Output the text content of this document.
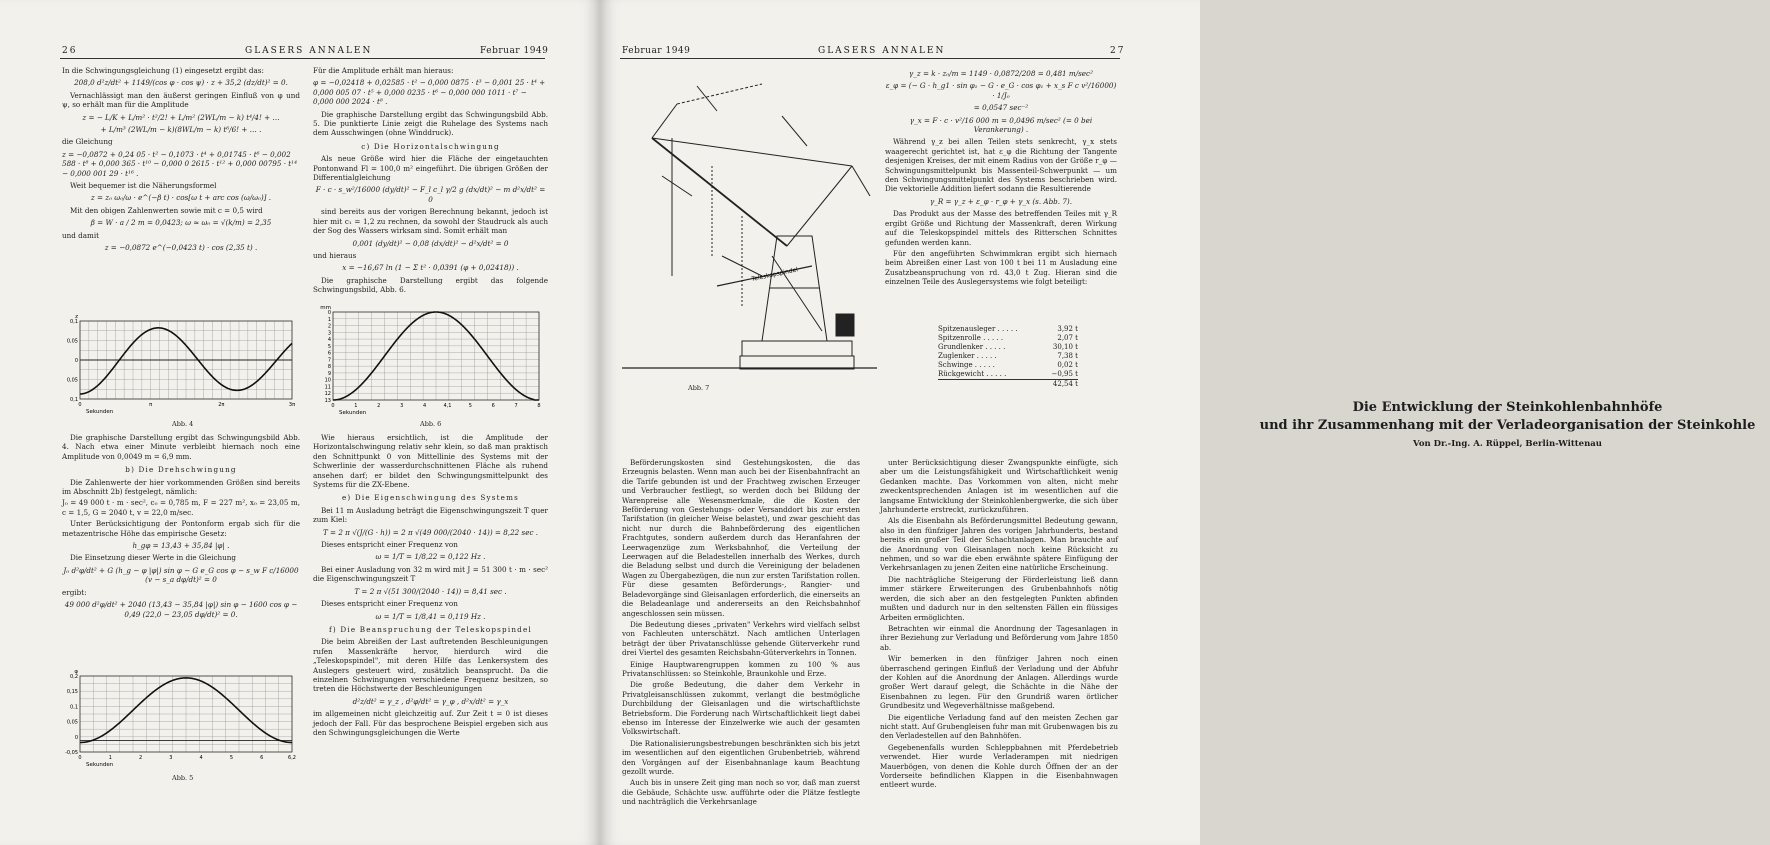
26	GLASERS ANNALEN	Februar 1949

In die Schwingungsgleichung (1) eingesetzt ergibt das:

208,0 d²z/dt² + 1149/(cos φ · cos ψ) · z + 35,2 (dz/dt)² = 0.

Vernachlässigt man den äußerst geringen Einfluß von φ und ψ, so erhält man für die Amplitude

z = − L/K + L/m² · t²/2! + L/m² (2WL/m − k) t⁴/4! + …

+ L/m³ (2WL/m − k)(8WL/m − k) t⁶/6! + … .

die Gleichung

z = −0,0872 + 0,24 05 · t² − 0,1073 · t⁴ + 0,01745 · t⁶ − 0,002 588 · t⁸ + 0,000 365 · t¹⁰ − 0,000 0 2615 · t¹² + 0,000 00795 · t¹⁴ − 0,000 001 29 · t¹⁶ .

Weit bequemer ist die Näherungsformel

z = z₀ ω₀/ω · e^(−β t) · cos[ω t + arc cos (ω/ω₀)] .

Mit den obigen Zahlenwerten sowie mit c = 0,5 wird

β = W · a / 2 m = 0,0423; ω ≈ ω₀ = √(k/m) = 2,35

und damit

z = −0,0872 e^(−0,0423 t) · cos (2,35 t) .

0,1
0,05
0
0,05
0,1
0	π	2π	3π
Sekunden
z
Abb. 4

Die graphische Darstellung ergibt das Schwingungsbild Abb. 4. Nach etwa einer Minute verbleibt hiernach noch eine Amplitude von 0,0049 m = 6,9 mm.

b) Die Drehschwingung

Die Zahlenwerte der hier vorkommenden Größen sind bereits im Abschnitt 2b) festgelegt, nämlich:

J₀ = 49 000 t · m · sec², c₀ = 0,785 m, F = 227 m², x₀ = 23,05 m, c = 1,5, G = 2040 t, v = 22,0 m/sec.

Unter Berücksichtigung der Pontonform ergab sich für die metazentrische Höhe das empirische Gesetz:

h_gφ = 13,43 + 35,84 |φ| .

Die Einsetzung dieser Werte in die Gleichung

J₀ d²φ/dt² + G (h_g − φ |φ|) sin φ − G e_G cos φ − s_w F c/16000 (v − s_a dφ/dt)² = 0

ergibt:

49 000 d²φ/dt² + 2040 (13,43 − 35,84 |φ|) sin φ − 1600 cos φ − 0,49 (22,0 − 23,05 dφ/dt)² = 0.

0,2
0,15
0,1
0,05
0
-0,05
0	1	2	3	4	5	6	6,2
Sekunden
φ
Abb. 5

Für die Amplitude erhält man hieraus:

φ = −0,02418 + 0,02585 · t² − 0,000 0875 · t³ − 0,001 25 · t⁴ + 0,000 005 07 · t⁵ + 0,000 0235 · t⁶ − 0,000 000 1011 · t⁷ − 0,000 000 2024 · t⁸ .

Die graphische Darstellung ergibt das Schwingungsbild Abb. 5. Die punktierte Linie zeigt die Ruhelage des Systems nach dem Ausschwingen (ohne Winddruck).

c) Die Horizontalschwingung

Als neue Größe wird hier die Fläche der eingetauchten Pontonwand Fl = 100,0 m² eingeführt. Die übrigen Größen der Differentialgleichung

F · c · s_w²/16000 (dy/dt)² − F_l c_l γ/2 g (dx/dt)² − m d²x/dt² = 0

sind bereits aus der vorigen Berechnung bekannt, jedoch ist hier mit c₁ = 1,2 zu rechnen, da sowohl der Staudruck als auch der Sog des Wassers wirksam sind. Somit erhält man

0,001 (dy/dt)² − 0,08 (dx/dt)² − d²x/dt² = 0

und hieraus

x = −16,67 ln (1 − Σ t² · 0,0391 (φ + 0,02418)) .

Die graphische Darstellung ergibt das folgende Schwingungsbild, Abb. 6.

0
1
2
3
4
5
6
7
8
9
10
11
12
13
0	1	2	3	4	4,1	5	6	7	8
Sekunden
mm
Abb. 6

Wie hieraus ersichtlich, ist die Amplitude der Horizontalschwingung relativ sehr klein, so daß man praktisch den Schnittpunkt 0 von Mittellinie des Systems mit der Schwerlinie der wasserdurchschnittenen Fläche als ruhend ansehen darf; er bildet den Schwingungsmittelpunkt des Systems für die ZX-Ebene.

e) Die Eigenschwingung des Systems

Bei 11 m Ausladung beträgt die Eigenschwingungszeit T quer zum Kiel:

T = 2 π √(J/(G · h)) = 2 π √(49 000/(2040 · 14)) = 8,22 sec .

Dieses entspricht einer Frequenz von

ω = 1/T = 1/8,22 = 0,122 Hz .

Bei einer Ausladung von 32 m wird mit J = 51 300 t · m · sec² die Eigenschwingungszeit T

T = 2 π √(51 300/(2040 · 14)) = 8,41 sec .

Dieses entspricht einer Frequenz von

ω = 1/T = 1/8,41 = 0,119 Hz .

f) Die Beanspruchung der Teleskopspindel

Die beim Abreißen der Last auftretenden Beschleunigungen rufen Massenkräfte hervor, hierdurch wird die „Teleskopspindel", mit deren Hilfe das Lenkersystem des Auslegers gesteuert wird, zusätzlich beansprucht. Da die einzelnen Schwingungen verschiedene Frequenz besitzen, so treten die Höchstwerte der Beschleunigungen

d²z/dt² = γ_z , d²φ/dt² = γ_φ , d²x/dt² = γ_x

im allgemeinen nicht gleichzeitig auf. Zur Zeit t = 0 ist dieses jedoch der Fall. Für das besprochene Beispiel ergeben sich aus den Schwingungsgleichungen die Werte

Februar 1949	GLASERS ANNALEN	27
Teleskopspindel
Abb. 7

γ_z = k · z₀/m = 1149 · 0,0872/208 = 0,481 m/sec²

ε_φ = (− G · h_g1 · sin φ₁ − G · e_G · cos φ₁ + x_s F c v²/16000) · 1/J₀

= 0,0547 sec⁻²

γ_x = F · c · v²/16 000 m = 0,0496 m/sec² (= 0 bei Verankerung) .

Während γ_z bei allen Teilen stets senkrecht, γ_x stets waagerecht gerichtet ist, hat ε_φ die Richtung der Tangente desjenigen Kreises, der mit einem Radius von der Größe r_φ — Schwingungsmittelpunkt bis Massenteil-Schwerpunkt — um den Schwingungsmittelpunkt des Systems beschrieben wird. Die vektorielle Addition liefert sodann die Resultierende

γ_R = γ_z + ε_φ · r_φ + γ_x (s. Abb. 7).

Das Produkt aus der Masse des betreffenden Teiles mit γ_R ergibt Größe und Richtung der Massenkraft, deren Wirkung auf die Teleskopspindel mittels des Ritterschen Schnittes gefunden werden kann.

Für den angeführten Schwimmkran ergibt sich hiernach beim Abreißen einer Last von 100 t bei 11 m Ausladung eine Zusatzbeanspruchung von rd. 43,0 t Zug. Hieran sind die einzelnen Teile des Auslegersystems wie folgt beteiligt:

Spitzenausleger . . . . .	3,92 t
Spitzenrolle . . . . .	2,07 t
Grundlenker . . . . .	30,10 t
Zuglenker . . . . .	7,38 t
Schwinge . . . . .	0,02 t
Rückgewicht . . . . .	−0,95 t
42,54 t
Die Entwicklung der Steinkohlenbahnhöfe
und ihr Zusammenhang mit der Verladeorganisation der Steinkohle
Von Dr.-Ing. A. Rüppel, Berlin-Wittenau

Beförderungskosten sind Gestehungskosten, die das Erzeugnis belasten. Wenn man auch bei der Eisenbahnfracht an die Tarife gebunden ist und der Frachtweg zwischen Erzeuger und Verbraucher festliegt, so werden doch bei Bildung der Warenpreise alle Wesensmerkmale, die die Kosten der Beförderung von Gestehungs- oder Versanddort bis zur ersten Tarifstation (in gleicher Weise belastet), und zwar geschieht das nicht nur durch die Bahnbeförderung des eigentlichen Frachtgutes, sondern außerdem durch das Heranfahren der Leerwagenzüge zum Werksbahnhof, die Verteilung der Leerwagen auf die Beladestellen innerhalb des Werkes, durch die Beladung selbst und durch die Vereinigung der beladenen Wagen zu Übergabezügen, die nun zur ersten Tarifstation rollen. Für diese gesamten Beförderungs-, Rangier- und Beladevorgänge sind Gleisanlagen erforderlich, die einerseits an die Beladeanlage und andererseits an den Reichsbahnhof angeschlossen sein müssen.

Die Bedeutung dieses „privaten" Verkehrs wird vielfach selbst von Fachleuten unterschätzt. Nach amtlichen Unterlagen beträgt der über Privatanschlüsse gehende Güterverkehr rund drei Viertel des gesamten Reichsbahn-Güterverkehrs in Tonnen.

Einige Hauptwarengruppen kommen zu 100 % aus Privatanschlüssen: so Steinkohle, Braunkohle und Erze.

Die große Bedeutung, die daher dem Verkehr in Privatgleisanschlüssen zukommt, verlangt die bestmögliche Durchbildung der Gleisanlagen und die wirtschaftlichste Betriebsform. Die Forderung nach Wirtschaftlichkeit liegt dabei ebenso im Interesse der Einzelwerke wie auch der gesamten Volkswirtschaft.

Die Rationalisierungsbestrebungen beschränkten sich bis jetzt im wesentlichen auf den eigentlichen Grubenbetrieb, während den Vorgängen auf der Eisenbahnanlage kaum Beachtung gezollt wurde.

Auch bis in unsere Zeit ging man noch so vor, daß man zuerst die Gebäude, Schächte usw. aufführte oder die Plätze festlegte und nachträglich die Verkehrsanlage

unter Berücksichtigung dieser Zwangspunkte einfügte, sich aber um die Leistungsfähigkeit und Wirtschaftlichkeit wenig Gedanken machte. Das Vorkommen von alten, nicht mehr zweckentsprechenden Anlagen ist im wesentlichen auf die langsame Entwicklung der Steinkohlenbergwerke, die sich über Jahrhunderte erstreckt, zurückzuführen.

Als die Eisenbahn als Beförderungsmittel Bedeutung gewann, also in den fünfziger Jahren des vorigen Jahrhunderts, bestand bereits ein großer Teil der Schachtanlagen. Man brauchte auf die Anordnung von Gleisanlagen noch keine Rücksicht zu nehmen, und so war die eben erwähnte spätere Einfügung der Verkehrsanlagen zu jenen Zeiten eine natürliche Erscheinung.

Die nachträgliche Steigerung der Förderleistung ließ dann immer stärkere Erweiterungen des Grubenbahnhofs nötig werden, die sich aber an den festgelegten Punkten abfinden mußten und dadurch nur in den seltensten Fällen ein flüssiges Arbeiten ermöglichten.

Betrachten wir einmal die Anordnung der Tagesanlagen in ihrer Beziehung zur Verladung und Beförderung vom Jahre 1850 ab.

Wir bemerken in den fünfziger Jahren noch einen überraschend geringen Einfluß der Verladung und der Abfuhr der Kohlen auf die Anordnung der Anlagen. Allerdings wurde großer Wert darauf gelegt, die Schächte in die Nähe der Eisenbahnen zu legen. Für den Grundriß waren örtlicher Grundbesitz und Wegeverhältnisse maßgebend.

Die eigentliche Verladung fand auf den meisten Zechen gar nicht statt. Auf Grubengleisen fuhr man mit Grubenwagen bis zu den Verladestellen auf den Bahnhöfen.

Gegebenenfalls wurden Schleppbahnen mit Pferdebetrieb verwendet. Hier wurde Verladerampen mit niedrigen Mauerbögen, von denen die Kohle durch Öffnen der an der Vorderseite befindlichen Klappen in die Eisenbahnwagen entleert wurde.
